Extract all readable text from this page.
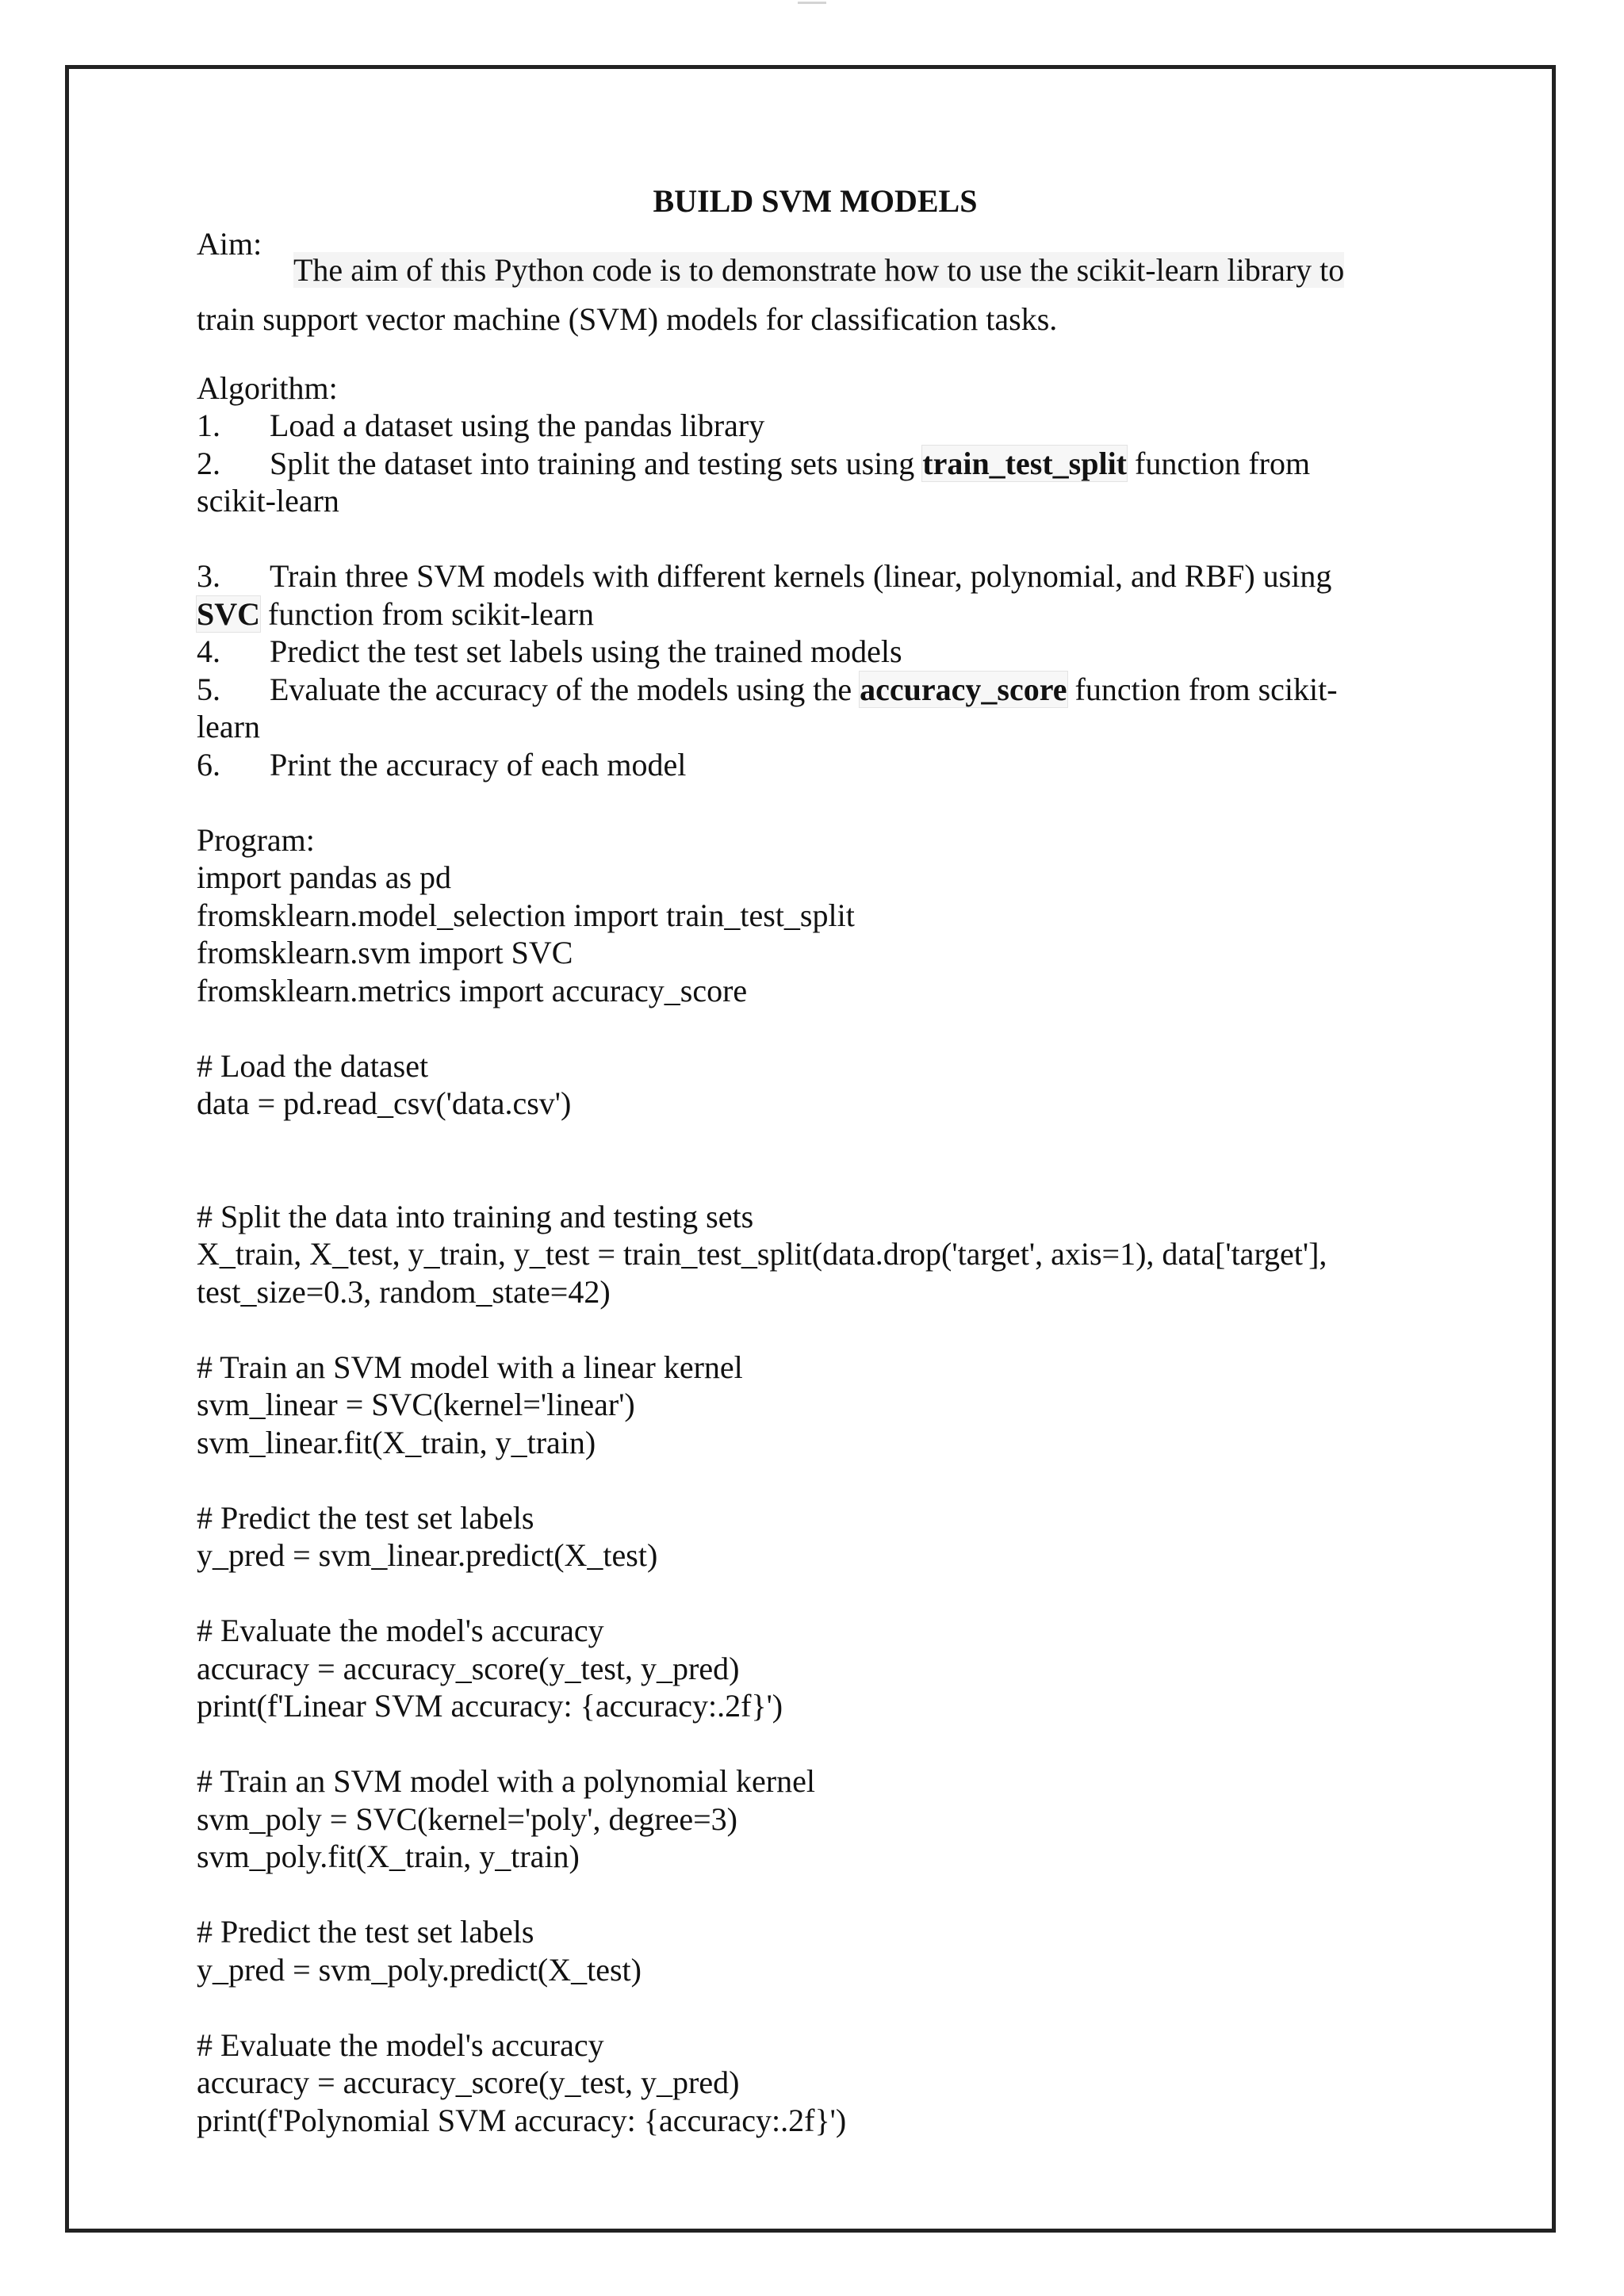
BUILD SVM MODELS
Aim:
The aim of this Python code is to demonstrate how to use the scikit-learn library to
train support vector machine (SVM) models for classification tasks.
Algorithm:
1. Load a dataset using the pandas library
2. Split the dataset into training and testing sets using train_test_split function from
scikit-learn
3. Train three SVM models with different kernels (linear, polynomial, and RBF) using
SVC function from scikit-learn
4. Predict the test set labels using the trained models
5. Evaluate the accuracy of the models using the accuracy_score function from scikit-
learn
6. Print the accuracy of each model
Program:
import pandas as pd
fromsklearn.model_selection import train_test_split
fromsklearn.svm import SVC
fromsklearn.metrics import accuracy_score
# Load the dataset
data = pd.read_csv('data.csv')
# Split the data into training and testing sets
X_train, X_test, y_train, y_test = train_test_split(data.drop('target', axis=1), data['target'],
test_size=0.3, random_state=42)
# Train an SVM model with a linear kernel
svm_linear = SVC(kernel='linear')
svm_linear.fit(X_train, y_train)
# Predict the test set labels
y_pred = svm_linear.predict(X_test)
# Evaluate the model's accuracy
accuracy = accuracy_score(y_test, y_pred)
print(f'Linear SVM accuracy: {accuracy:.2f}')
# Train an SVM model with a polynomial kernel
svm_poly = SVC(kernel='poly', degree=3)
svm_poly.fit(X_train, y_train)
# Predict the test set labels
y_pred = svm_poly.predict(X_test)
# Evaluate the model's accuracy
accuracy = accuracy_score(y_test, y_pred)
print(f'Polynomial SVM accuracy: {accuracy:.2f}')
